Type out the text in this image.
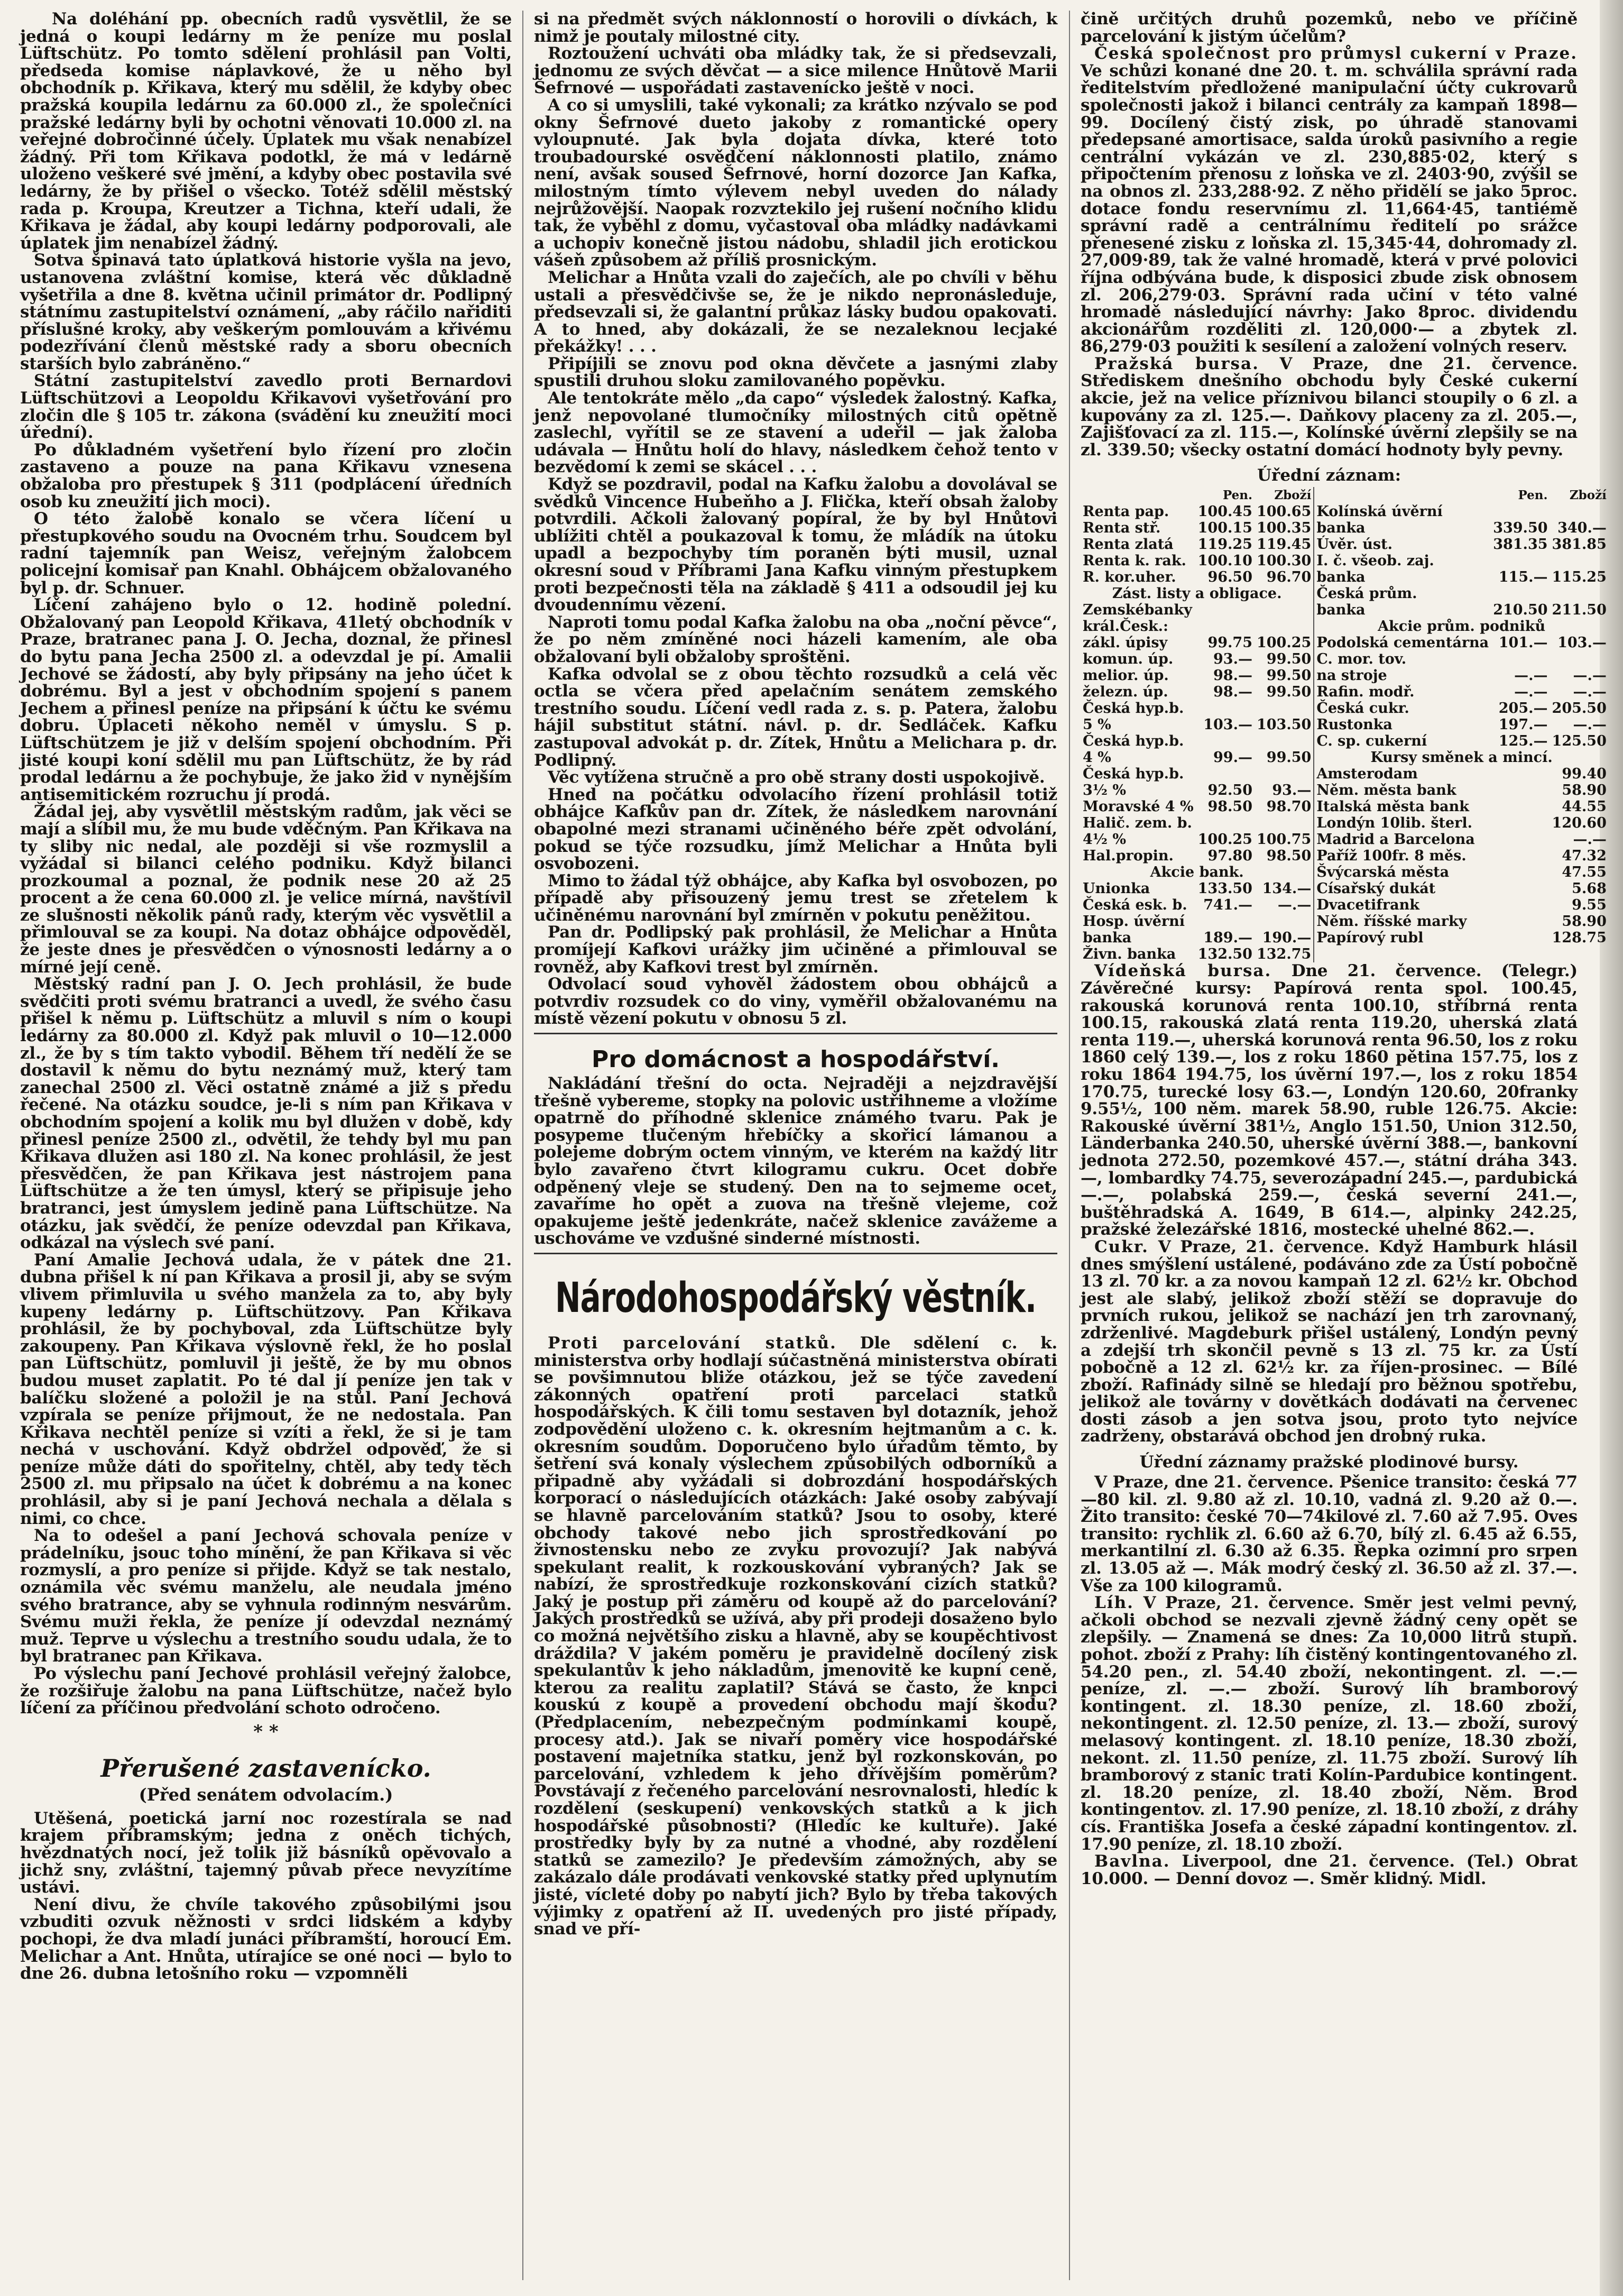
Na doléhání pp. obecních radů vysvětlil, že se jedná o koupi ledárny m že peníze mu poslal Lüftschütz. Po tomto sdělení prohlásil pan Volti, předseda komise náplavkové, že u něho byl obchodník p. Křikava, který mu sdělil, že kdyby obec pražská koupila ledárnu za 60.000 zl., že společníci pražské ledárny byli by ochotni věnovati 10.000 zl. na veřejné dobročinné účely. Úplatek mu však nenabízel žádný. Při tom Křikava podotkl, že má v ledárně uloženo veškeré své jmění, a kdyby obec postavila své ledárny, že by přišel o všecko. Totéž sdělil městský rada p. Kroupa, Kreutzer a Tichna, kteří udali, že Křikava je žádal, aby koupi ledárny podporovali, ale úplatek jim nenabízel žádný.

Sotva špinavá tato úplatková historie vyšla na jevo, ustanovena zvláštní komise, která věc důkladně vyšetřila a dne 8. května učinil primátor dr. Podlipný státnímu zastupitelství oznámení, „aby ráčilo nařiditi příslušné kroky, aby veškerým pomlouvám a křivému podezřívání členů městské rady a sboru obecních starších bylo zabráněno.“

Státní zastupitelství zavedlo proti Bernardovi Lüftschützovi a Leopoldu Křikavovi vyšetřování pro zločin dle § 105 tr. zákona (svádění ku zneužití moci úřední).

Po důkladném vyšetření bylo řízení pro zločin zastaveno a pouze na pana Křikavu vznesena obžaloba pro přestupek § 311 (podplácení úředních osob ku zneužití jich moci).

O této žalobě konalo se včera líčení u přestupkového soudu na Ovocném trhu. Soudcem byl radní tajemník pan Weisz, veřejným žalobcem policejní komisař pan Knahl. Obhájcem obžalovaného byl p. dr. Schnuer.

Líčení zahájeno bylo o 12. hodině polední. Obžalovaný pan Leopold Křikava, 41letý obchodník v Praze, bratranec pana J. O. Jecha, doznal, že přinesl do bytu pana Jecha 2500 zl. a odevzdal je pí. Amalii Jechové se žádostí, aby byly připsány na jeho účet k dobrému. Byl a jest v obchodním spojení s panem Jechem a přinesl peníze na připsání k účtu ke svému dobru. Úplaceti někoho neměl v úmyslu. S p. Lüftschützem je již v delším spojení obchodním. Při jisté koupi koní sdělil mu pan Lüftschütz, že by rád prodal ledárnu a že pochybuje, že jako žid v nynějším antisemitickém rozruchu jí prodá.

Žádal jej, aby vysvětlil městským radům, jak věci se mají a slíbil mu, že mu bude vděčným. Pan Křikava na ty sliby nic nedal, ale později si vše rozmyslil a vyžádal si bilanci celého podniku. Když bilanci prozkoumal a poznal, že podnik nese 20 až 25 procent a že cena 60.000 zl. je velice mírná, navštívil ze slušnosti několik pánů rady, kterým věc vysvětlil a přimlouval se za koupi. Na dotaz obhájce odpověděl, že jeste dnes je přesvědčen o výnosnosti ledárny a o mírné její ceně.

Městský radní pan J. O. Jech prohlásil, že bude svědčiti proti svému bratranci a uvedl, že svého času přišel k němu p. Lüftschütz a mluvil s ním o koupi ledárny za 80.000 zl. Když pak mluvil o 10—12.000 zl., že by s tím takto vybodil. Během tří nedělí že se dostavil k němu do bytu neznámý muž, který tam zanechal 2500 zl. Věci ostatně známé a již s předu řečené. Na otázku soudce, je-li s ním pan Křikava v obchodním spojení a kolik mu byl dlužen v době, kdy přinesl peníze 2500 zl., odvětil, že tehdy byl mu pan Křikava dlužen asi 180 zl. Na konec prohlásil, že jest přesvědčen, že pan Křikava jest nástrojem pana Lüftschütze a že ten úmysl, který se připisuje jeho bratranci, jest úmyslem jedině pana Lüftschütze. Na otázku, jak svědčí, že peníze odevzdal pan Křikava, odkázal na výslech své paní.

Paní Amalie Jechová udala, že v pátek dne 21. dubna přišel k ní pan Křikava a prosil ji, aby se svým vlivem přimluvila u svého manžela za to, aby byly kupeny ledárny p. Lüftschützovy. Pan Křikava prohlásil, že by pochyboval, zda Lüftschütze byly zakoupeny. Pan Křikava výslovně řekl, že ho poslal pan Lüftschütz, pomluvil ji ještě, že by mu obnos budou muset zaplatit. Po té dal jí peníze jen tak v balíčku složené a položil je na stůl. Paní Jechová vzpírala se peníze přijmout, že ne nedostala. Pan Křikava nechtěl peníze si vzíti a řekl, že si je tam nechá v uschování. Když obdržel odpověď, že si peníze může dáti do spořitelny, chtěl, aby tedy těch 2500 zl. mu připsalo na účet k dobrému a na konec prohlásil, aby si je paní Jechová nechala a dělala s nimi, co chce.

Na to odešel a paní Jechová schovala peníze v prádelníku, jsouc toho mínění, že pan Křikava si věc rozmyslí, a pro peníze si přijde. Když se tak nestalo, oznámila věc svému manželu, ale neudala jméno svého bratrance, aby se vyhnula rodinným nesvárům. Svému muži řekla, že peníze jí odevzdal neznámý muž. Teprve u výslechu a trestního soudu udala, že to byl bratranec pan Křikava.

Po výslechu paní Jechové prohlásil veřejný žalobce, že rozšiřuje žalobu na pana Lüftschütze, načež bylo líčení za příčinou předvolání schoto odročeno.

* *
Přerušené zastavenícko.
(Před senátem odvolacím.)

Utěšená, poetická jarní noc rozestírala se nad krajem příbramským; jedna z oněch tichých, hvězdnatých nocí, jež tolik již básníků opěvovalo a jichž sny, zvláštní, tajemný půvab přece nevyzítíme ustávi.

Není divu, že chvíle takového způsobilými jsou vzbuditi ozvuk něžnosti v srdci lidském a kdyby pochopi, že dva mladí junáci příbramští, horoucí Em. Melichar a Ant. Hnůta, utírajíce se oné noci — bylo to dne 26. dubna letošního roku — vzpomněli

si na předmět svých náklonností o horovili o dívkách, k nimž je poutaly milostné city.

Roztoužení uchváti oba mládky tak, že si předsevzali, jednomu ze svých děvčat — a sice milence Hnůtově Marii Šefrnové — uspořádati zastavenícko ještě v noci.

A co si umyslili, také vykonali; za krátko nzývalo se pod okny Šefrnové dueto jakoby z romantické opery vyloupnuté. Jak byla dojata dívka, které toto troubadourské osvědčení náklonnosti platilo, známo není, avšak soused Šefrnové, horní dozorce Jan Kafka, milostným tímto výlevem nebyl uveden do nálady nejrůžovější. Naopak rozvztekilo jej rušení nočního klidu tak, že vyběhl z domu, vyčastoval oba mládky nadávkami a uchopiv konečně jistou nádobu, shladil jich erotickou vášeň způsobem až příliš prosnickým.

Melichar a Hnůta vzali do zaječích, ale po chvíli v běhu ustali a přesvědčivše se, že je nikdo nepronásleduje, předsevzali si, že galantní průkaz lásky budou opakovati. A to hned, aby dokázali, že se nezaleknou lecjaké překážky! . . .

Připíjili se znovu pod okna děvčete a jasnými zlaby spustili druhou sloku zamilovaného popěvku.

Ale tentokráte mělo „da capo“ výsledek žalostný. Kafka, jenž nepovolané tlumočníky milostných citů opětně zaslechl, vyřítil se ze stavení a udeřil — jak žaloba udávala — Hnůtu holí do hlavy, následkem čehož tento v bezvědomí k zemi se skácel . . .

Když se pozdravil, podal na Kafku žalobu a dovolával se svědků Vincence Hubeňho a J. Flička, kteří obsah žaloby potvrdili. Ačkoli žalovaný popíral, že by byl Hnůtovi ublížiti chtěl a poukazoval k tomu, že mládík na útoku upadl a bezpochyby tím poraněn býti musil, uznal okresní soud v Příbrami Jana Kafku vinným přestupkem proti bezpečnosti těla na základě § 411 a odsoudil jej ku dvoudennímu vězení.

Naproti tomu podal Kafka žalobu na oba „noční pěvce“, že po něm zmíněné noci házeli kamením, ale oba obžalovaní byli obžaloby sproštěni.

Kafka odvolal se z obou těchto rozsudků a celá věc octla se včera před apelačním senátem zemského trestního soudu. Líčení vedl rada z. s. p. Patera, žalobu hájil substitut státní. návl. p. dr. Sedláček. Kafku zastupoval advokát p. dr. Zítek, Hnůtu a Melichara p. dr. Podlipný.

Věc vytížena stručně a pro obě strany dosti uspokojivě.

Hned na počátku odvolacího řízení prohlásil totiž obhájce Kafkův pan dr. Zítek, že následkem narovnání obapolné mezi stranami učiněného béře zpět odvolání, pokud se týče rozsudku, jímž Melichar a Hnůta byli osvobozeni.

Mimo to žádal týž obhájce, aby Kafka byl osvobozen, po případě aby přisouzený jemu trest se zřetelem k učiněnému narovnání byl zmírněn v pokutu peněžitou.

Pan dr. Podlipský pak prohlásil, že Melichar a Hnůta promíjejí Kafkovi urážky jim učiněné a přimlouval se rovněž, aby Kafkovi trest byl zmírněn.

Odvolací soud vyhověl žádostem obou obhájců a potvrdiv rozsudek co do viny, vyměřil obžalovanému na místě vězení pokutu v obnosu 5 zl.

Pro domácnost a hospodářství.

Nakládání třešní do octa. Nejraději a nejzdravější třešně vybereme, stopky na polovic ustřihneme a vložíme opatrně do příhodné sklenice známého tvaru. Pak je posypeme tlučeným hřebíčky a skořicí lámanou a polejeme dobrým octem vinným, ve kterém na každý litr bylo zavařeno čtvrt kilogramu cukru. Ocet dobře odpěnený vleje se studený. Den na to sejmeme ocet, zavaříme ho opět a zuova na třešně vlejeme, což opakujeme ještě jedenkráte, načež sklenice zavážeme a uschováme ve vzdušné sinderné místnosti.

Národohospodářský věstník.

Proti parcelování statků. Dle sdělení c. k. ministerstva orby hodlají súčastněná ministerstva obírati se povšimnutou bliže otázkou, jež se týče zavedení zákonných opatření proti parcelaci statků hospodářských. K čili tomu sestaven byl dotazník, jehož zodpovědění uloženo c. k. okresním hejtmanům a c. k. okresním soudům. Doporučeno bylo úřadům těmto, by šetření svá konaly výslechem způsobilých odborníků a připadně aby vyžádali si dobrozdání hospodářských korporací o následujících otázkách: Jaké osoby zabývají se hlavně parcelováním statků? Jsou to osoby, které obchody takové nebo jich sprostředkování po živnostensku nebo ze zvyku provozují? Jak nabývá spekulant realit, k rozkouskování vybraných? Jak se nabízí, že sprostředkuje rozkonskování cizích statků? Jaký je postup při záměru od koupě až do parcelování? Jakých prostředků se užívá, aby při prodeji dosaženo bylo co možná největšího zisku a hlavně, aby se koupěchtivost dráždila? V jakém poměru je pravidelně docílený zisk spekulantův k jeho nákladům, jmenovitě ke kupní ceně, kterou za realitu zaplatil? Stává se často, že knpci kouskú z koupě a provedení obchodu mají škodu? (Předplacením, nebezpečným podmínkami koupě, procesy atd.). Jak se nivaří poměry vice hospodářské postavení majetníka statku, jenž byl rozkonskován, po parcelování, vzhledem k jeho dřívějším poměrům? Povstávají z řečeného parcelování nesrovnalosti, hledíc k rozdělení (seskupení) venkovských statků a k jich hospodářské působnosti? (Hledíc ke kultuře). Jaké prostředky byly by za nutné a vhodné, aby rozdělení statků se zamezilo? Je především zámožných, aby se zakázalo dále prodávati venkovské statky před uplynutím jisté, vícleté doby po nabytí jich? Bylo by třeba takových výjimky z opatření až II. uvedených pro jisté případy, snad ve pří-

čině určitých druhů pozemků, nebo ve příčině parcelování k jistým účelům?

Česká společnost pro průmysl cukerní v Praze. Ve schůzi konané dne 20. t. m. schválila správní rada ředitelstvím předložené manipulační účty cukrovarů společnosti jakož i bilanci centrály za kampaň 1898—99. Docílený čistý zisk, po úhradě stanovami předepsané amortisace, salda úroků pasivního a regie centrální vykázán ve zl. 230,885·02, který s připočtením přenosu z loňska ve zl. 2403·90, zvýšil se na obnos zl. 233,288·92. Z něho přidělí se jako 5proc. dotace fondu reservnímu zl. 11,664·45, tantiémě správní radě a centrálnímu ředitelí po srážce přenesené zisku z loňska zl. 15,345·44, dohromady zl. 27,009·89, tak že valné hromadě, která v prvé polovici října odbývána bude, k disposici zbude zisk obnosem zl. 206,279·03. Správní rada učiní v této valné hromadě následující návrhy: Jako 8proc. dividendu akcionářům rozděliti zl. 120,000·— a zbytek zl. 86,279·03 použiti k sesílení a založení volných reserv.

Pražská bursa. V Praze, dne 21. července. Střediskem dnešního obchodu byly České cukerní akcie, jež na velice příznivou bilanci stoupily o 6 zl. a kupovány za zl. 125.—. Daňkovy placeny za zl. 205.—, Zajišťovací za zl. 115.—, Kolínské úvěrní zlepšily se na zl. 339.50; všecky ostatní domácí hodnoty byly pevny.

Úřední záznam:
	Pen.	Zboží
Renta pap.	100.45	100.65
Renta stř.	100.15	100.35
Renta zlatá	119.25	119.45
Renta k. rak.	100.10	100.30
R. kor.uher.	96.50	96.70
Zást. listy a obligace.
Zemskébanky		
král.Česk.:		
zákl. úpisy	99.75	100.25
komun. úp.	93.—	99.50
melior. úp.	98.—	99.50
železn. úp.	98.—	99.50
Česká hyp.b.		
5 %	103.—	103.50
Česká hyp.b.		
4 %	99.—	99.50
Česká hyp.b.		
3½ %	92.50	93.—
Moravské 4 %	98.50	98.70
Halič. zem. b.		
4½ %	100.25	100.75
Hal.propin.	97.80	98.50
Akcie bank.
Unionka	133.50	134.—
Česká esk. b.	741.—	—.—
Hosp. úvěrní		
banka	189.—	190.—
Živn. banka	132.50	132.75

	Pen.	Zboží
Kolínská úvěrní		
banka	339.50	340.—
Úvěr. úst.	381.35	381.85
I. č. všeob. zaj.		
banka	115.—	115.25
Česká prům.		
banka	210.50	211.50
Akcie prům. podniků
Podolská cementárna	101.—	103.—
C. mor. tov.		
na stroje	—.—	—.—
Rafin. modř.	—.—	—.—
Česká cukr.	205.—	205.50
Rustonka	197.—	—.—
C. sp. cukerní	125.—	125.50
Kursy směnek a mincí.
Amsterodam		99.40
Něm. města bank		58.90
Italská města bank		44.55
Londýn 10lib. šterl.		120.60
Madrid a Barcelona		—.—
Paříž 100fr. 8 měs.		47.32
Švýcarská města		47.55
Císařský dukát		5.68
Dvacetifrank		9.55
Něm. říšské marky		58.90
Papírový rubl		128.75

Vídeňská bursa. Dne 21. července. (Telegr.) Závěrečné kursy: Papírová renta spol. 100.45, rakouská korunová renta 100.10, stříbrná renta 100.15, rakouská zlatá renta 119.20, uherská zlatá renta 119.—, uherská korunová renta 96.50, los z roku 1860 celý 139.—, los z roku 1860 pětina 157.75, los z roku 1864 194.75, los úvěrní 197.—, los z roku 1854 170.75, turecké losy 63.—, Londýn 120.60, 20franky 9.55½, 100 něm. marek 58.90, ruble 126.75. Akcie: Rakouské úvěrní 381½, Anglo 151.50, Union 312.50, Länderbanka 240.50, uherské úvěrní 388.—, bankovní jednota 272.50, pozemkové 457.—, státní dráha 343.—, lombardky 74.75, severozápadní 245.—, pardubická —.—, polabská 259.—, česká severní 241.—, buštěhradská A. 1649, B 614.—, alpinky 242.25, pražské železářské 1816, mostecké uhelné 862.—.

Cukr. V Praze, 21. července. Když Hamburk hlásil dnes smýšlení ustálené, podáváno zde za Ústí pobočně 13 zl. 70 kr. a za novou kampaň 12 zl. 62½ kr. Obchod jest ale slabý, jelikož zboží stěží se dopravuje do prvních rukou, jelikož se nachází jen trh zarovnaný, zdrženlivé. Magdeburk přišel ustálený, Londýn pevný a zdejší trh skončil pevně s 13 zl. 75 kr. za Ústí pobočně a 12 zl. 62½ kr. za říjen-prosinec. — Bílé zboží. Rafinády silně se hledají pro běžnou spotřebu, jelikož ale továrny v dovětkách dodávati na červenec dosti zásob a jen sotva jsou, proto tyto nejvíce zadrženy, obstarává obchod jen drobný ruka.

Úřední záznamy pražské plodinové bursy.

V Praze, dne 21. července. Pšenice transito: česká 77—80 kil. zl. 9.80 až zl. 10.10, vadná zl. 9.20 až 0.—. Žito transito: české 70—74kilové zl. 7.60 až 7.95. Oves transito: rychlik zl. 6.60 až 6.70, bílý zl. 6.45 až 6.55, merkantilní zl. 6.30 až 6.35. Řepka ozimní pro srpen zl. 13.05 až —. Mák modrý český zl. 36.50 až zl. 37.—. Vše za 100 kilogramů.

Líh. V Praze, 21. července. Směr jest velmi pevný, ačkoli obchod se nezvali zjevně žádný ceny opět se zlepšily. — Znamená se dnes: Za 10,000 litrů stupň. pohot. zboží z Prahy: líh čistěný kontingentovaného zl. 54.20 pen., zl. 54.40 zboží, nekontingent. zl. —.— peníze, zl. —.— zboží. Surový líh bramborový kontingent. zl. 18.30 peníze, zl. 18.60 zboží, nekontingent. zl. 12.50 peníze, zl. 13.— zboží, surový melasový kontingent. zl. 18.10 peníze, 18.30 zboží, nekont. zl. 11.50 peníze, zl. 11.75 zboží. Surový líh bramborový z stanic trati Kolín-Pardubice kontingent. zl. 18.20 peníze, zl. 18.40 zboží, Něm. Brod kontingentov. zl. 17.90 peníze, zl. 18.10 zboží, z dráhy cís. Františka Josefa a české západní kontingentov. zl. 17.90 peníze, zl. 18.10 zboží.

Bavlna. Liverpool, dne 21. července. (Tel.) Obrat 10.000. — Denní dovoz —. Směr klidný. Midl.
